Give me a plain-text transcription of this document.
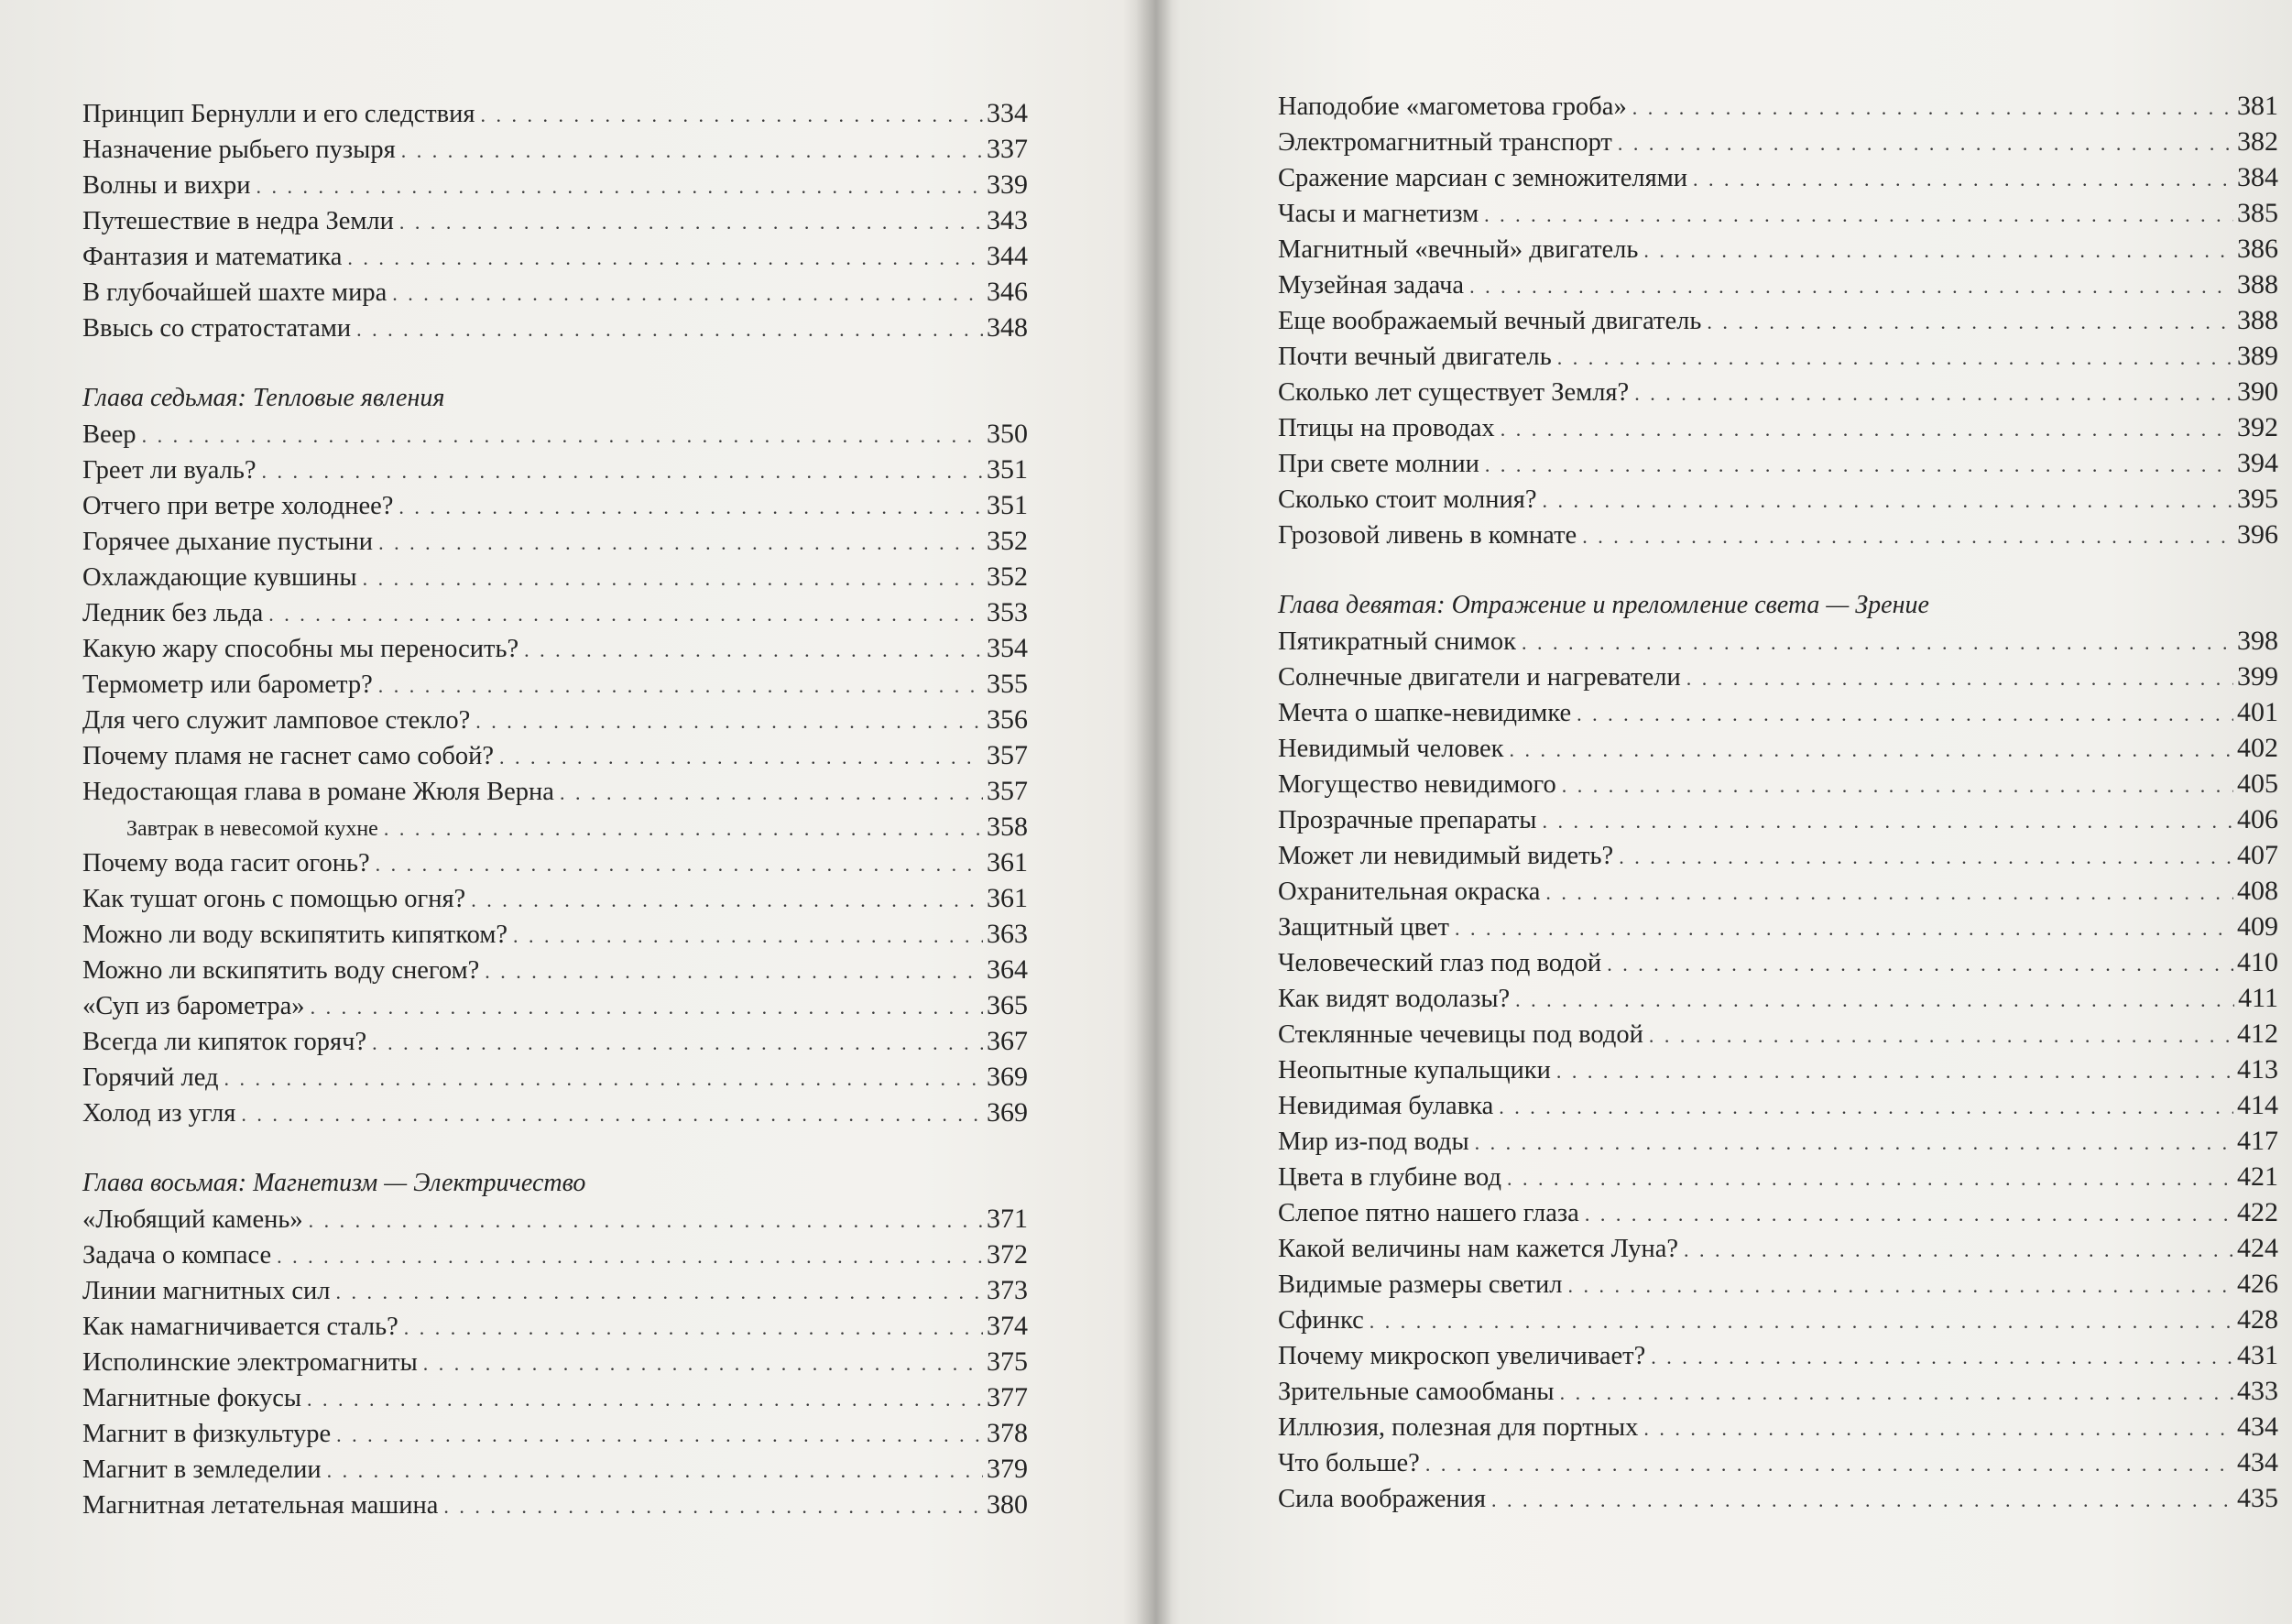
Принцип Бернулли и его следствия . . .	334
Назначение рыбьего пузыря . . .	337
Волны и вихри . . .	339
Путешествие в недра Земли . . .	343
Фантазия и математика . . .	344
В глубочайшей шахте мира . . .	346
Ввысь со стратостатами . . .	348
Глава седьмая: Тепловые явления
Веер . . .	350
Греет ли вуаль? . . .	351
Отчего при ветре холоднее? . . .	351
Горячее дыхание пустыни . . .	352
Охлаждающие кувшины . . .	352
Ледник без льда . . .	353
Какую жару способны мы переносить? . . .	354
Термометр или барометр? . . .	355
Для чего служит ламповое стекло? . . .	356
Почему пламя не гаснет само собой? . . .	357
Недостающая глава в романе Жюля Верна . . .	357
Завтрак в невесомой кухне . . .	358
Почему вода гасит огонь? . . .	361
Как тушат огонь с помощью огня? . . .	361
Можно ли воду вскипятить кипятком? . . .	363
Можно ли вскипятить воду снегом? . . .	364
«Суп из барометра» . . .	365
Всегда ли кипяток горяч? . . .	367
Горячий лед . . .	369
Холод из угля . . .	369
Глава восьмая: Магнетизм — Электричество
«Любящий камень» . . .	371
Задача о компасе . . .	372
Линии магнитных сил . . .	373
Как намагничивается сталь? . . .	374
Исполинские электромагниты . . .	375
Магнитные фокусы . . .	377
Магнит в физкультуре . . .	378
Магнит в земледелии . . .	379
Магнитная летательная машина . . .	380
Наподобие «магометова гроба» . . .	381
Электромагнитный транспорт . . .	382
Сражение марсиан с земножителями . . .	384
Часы и магнетизм . . .	385
Магнитный «вечный» двигатель . . .	386
Музейная задача . . .	388
Еще воображаемый вечный двигатель . . .	388
Почти вечный двигатель . . .	389
Сколько лет существует Земля? . . .	390
Птицы на проводах . . .	392
При свете молнии . . .	394
Сколько стоит молния? . . .	395
Грозовой ливень в комнате . . .	396
Глава девятая: Отражение и преломление света — Зрение
Пятикратный снимок . . .	398
Солнечные двигатели и нагреватели . . .	399
Мечта о шапке-невидимке . . .	401
Невидимый человек . . .	402
Могущество невидимого . . .	405
Прозрачные препараты . . .	406
Может ли невидимый видеть? . . .	407
Охранительная окраска . . .	408
Защитный цвет . . .	409
Человеческий глаз под водой . . .	410
Как видят водолазы? . . .	411
Стеклянные чечевицы под водой . . .	412
Неопытные купальщики . . .	413
Невидимая булавка . . .	414
Мир из-под воды . . .	417
Цвета в глубине вод . . .	421
Слепое пятно нашего глаза . . .	422
Какой величины нам кажется Луна? . . .	424
Видимые размеры светил . . .	426
Сфинкс . . .	428
Почему микроскоп увеличивает? . . .	431
Зрительные самообманы . . .	433
Иллюзия, полезная для портных . . .	434
Что больше? . . .	434
Сила воображения . . .	435
